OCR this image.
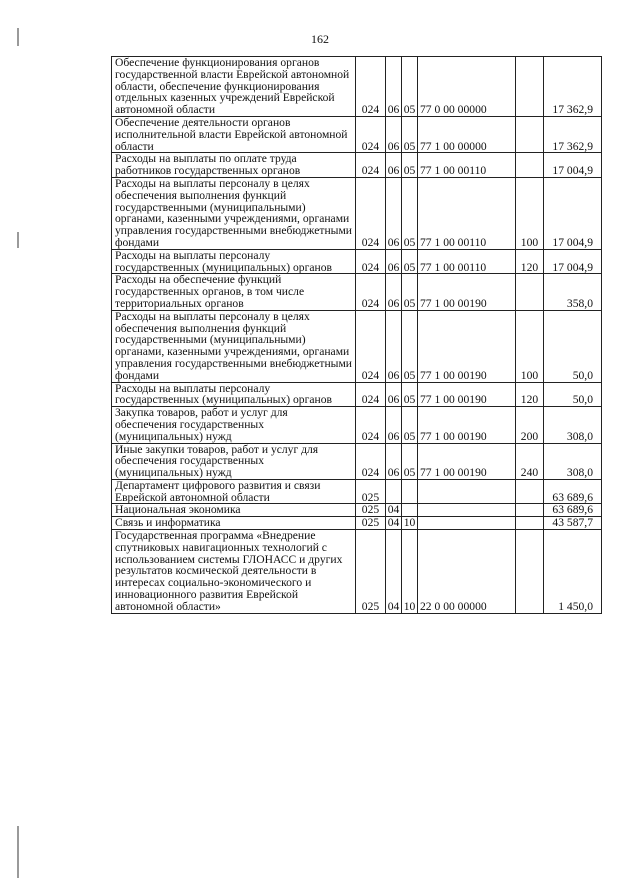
162
Обеспечение функционирования органов государственной власти Еврейской автономной области, обеспечение функционирования отдельных казенных учреждений Еврейской автономной области	024	06	05	77 0 00 00000		17 362,9
Обеспечение деятельности органов исполнительной власти Еврейской автономной области	024	06	05	77 1 00 00000		17 362,9
Расходы на выплаты по оплате труда работников государственных органов	024	06	05	77 1 00 00110		17 004,9
Расходы на выплаты персоналу в целях обеспечения выполнения функций государственными (муниципальными) органами, казенными учреждениями, органами управления государственными внебюджетными фондами	024	06	05	77 1 00 00110	100	17 004,9
Расходы на выплаты персоналу государственных (муниципальных) органов	024	06	05	77 1 00 00110	120	17 004,9
Расходы на обеспечение функций государственных органов, в том числе территориальных органов	024	06	05	77 1 00 00190		358,0
Расходы на выплаты персоналу в целях обеспечения выполнения функций государственными (муниципальными) органами, казенными учреждениями, органами управления государственными внебюджетными фондами	024	06	05	77 1 00 00190	100	50,0
Расходы на выплаты персоналу государственных (муниципальных) органов	024	06	05	77 1 00 00190	120	50,0
Закупка товаров, работ и услуг для обеспечения государственных (муниципальных) нужд	024	06	05	77 1 00 00190	200	308,0
Иные закупки товаров, работ и услуг для обеспечения государственных (муниципальных) нужд	024	06	05	77 1 00 00190	240	308,0
Департамент цифрового развития и связи Еврейской автономной области	025					63 689,6
Национальная экономика	025	04				63 689,6
Связь и информатика	025	04	10			43 587,7
Государственная программа «Внедрение спутниковых навигационных технологий с использованием системы ГЛОНАСС и других результатов космической деятельности в интересах социально-экономического и инновационного развития Еврейской автономной области»	025	04	10	22 0 00 00000		1 450,0
